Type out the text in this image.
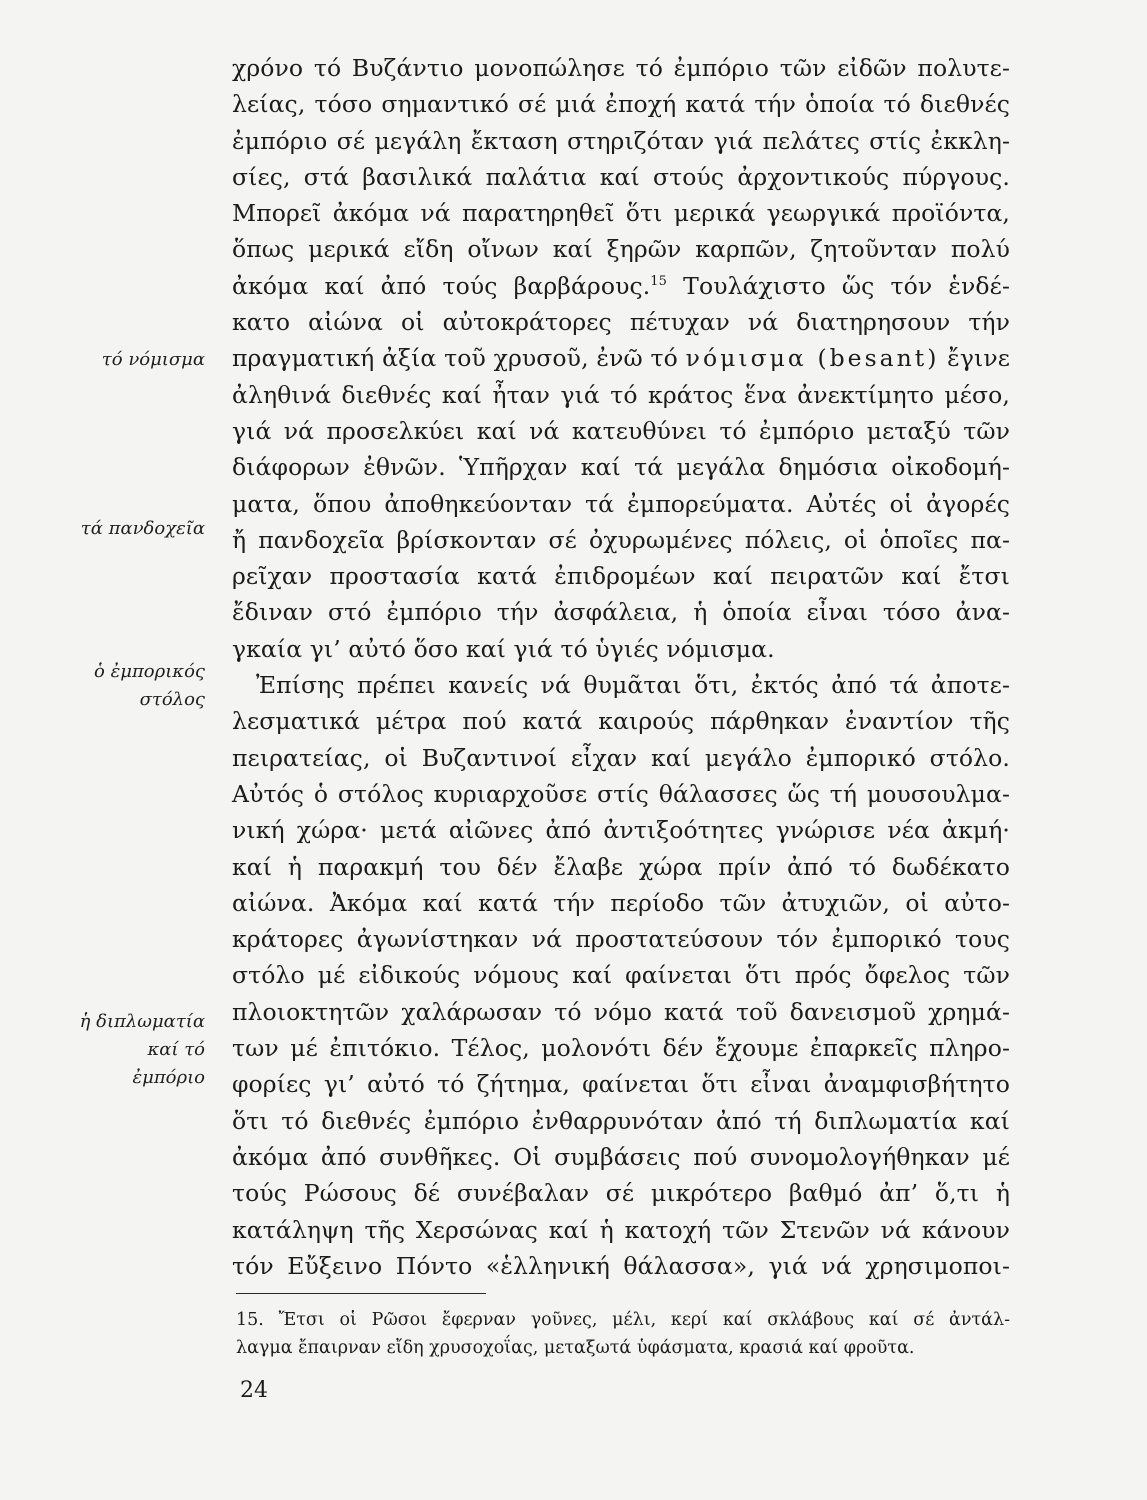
χρόνο τό Βυζάντιο μονοπώλησε τό ἐμπόριο τῶν εἰδῶν πολυτε-
λείας, τόσο σημαντικό σέ μιά ἐποχή κατά τήν ὁποία τό διεθνές
ἐμπόριο σέ μεγάλη ἔκταση στηριζόταν γιά πελάτες στίς ἐκκλη-
σίες, στά βασιλικά παλάτια καί στούς ἀρχοντικούς πύργους.
Μπορεῖ ἀκόμα νά παρατηρηθεῖ ὅτι μερικά γεωργικά προϊόντα,
ὅπως μερικά εἴδη οἴνων καί ξηρῶν καρπῶν, ζητοῦνταν πολύ
ἀκόμα καί ἀπό τούς βαρβάρους.$^{15}$ Τουλάχιστο ὥς τόν ἑνδέ-
κατο αἰώνα οἱ αὐτοκράτορες πέτυχαν νά διατηρησουν τήν
πραγματική ἀξία τοῦ χρυσοῦ, ἐνῶ τό νόμισμα (besant) ἔγινε
ἀληθινά διεθνές καί ἦταν γιά τό κράτος ἕνα ἀνεκτίμητο μέσο,
γιά νά προσελκύει καί νά κατευθύνει τό ἐμπόριο μεταξύ τῶν
διάφορων ἐθνῶν. Ὑπῆρχαν καί τά μεγάλα δημόσια οἰκοδομή-
ματα, ὅπου ἀποθηκεύονταν τά ἐμπορεύματα. Αὐτές οἱ ἀγορές
ἤ πανδοχεῖα βρίσκονταν σέ ὀχυρωμένες πόλεις, οἱ ὁποῖες πα-
ρεῖχαν προστασία κατά ἐπιδρομέων καί πειρατῶν καί ἔτσι
ἔδιναν στό ἐμπόριο τήν ἀσφάλεια, ἡ ὁποία εἶναι τόσο ἀνα-
γκαία γι’ αὐτό ὅσο καί γιά τό ὑγιές νόμισμα.
Ἐπίσης πρέπει κανείς νά θυμᾶται ὅτι, ἐκτός ἀπό τά ἀποτε-
λεσματικά μέτρα πού κατά καιρούς πάρθηκαν ἐναντίον τῆς
πειρατείας, οἱ Βυζαντινοί εἶχαν καί μεγάλο ἐμπορικό στόλο.
Αὐτός ὁ στόλος κυριαρχοῦσε στίς θάλασσες ὥς τή μουσουλμα-
νική χώρα· μετά αἰῶνες ἀπό ἀντιξοότητες γνώρισε νέα ἀκμή·
καί ἡ παρακμή του δέν ἔλαβε χώρα πρίν ἀπό τό δωδέκατο
αἰώνα. Ἀκόμα καί κατά τήν περίοδο τῶν ἀτυχιῶν, οἱ αὐτο-
κράτορες ἀγωνίστηκαν νά προστατεύσουν τόν ἐμπορικό τους
στόλο μέ εἰδικούς νόμους καί φαίνεται ὅτι πρός ὄφελος τῶν
πλοιοκτητῶν χαλάρωσαν τό νόμο κατά τοῦ δανεισμοῦ χρημά-
των μέ ἐπιτόκιο. Τέλος, μολονότι δέν ἔχουμε ἐπαρκεῖς πληρο-
φορίες γι’ αὐτό τό ζήτημα, φαίνεται ὅτι εἶναι ἀναμφισβήτητο
ὅτι τό διεθνές ἐμπόριο ἐνθαρρυνόταν ἀπό τή διπλωματία καί
ἀκόμα ἀπό συνθῆκες. Οἱ συμβάσεις πού συνομολογήθηκαν μέ
τούς Ρώσους δέ συνέβαλαν σέ μικρότερο βαθμό ἀπ’ ὅ,τι ἡ
κατάληψη τῆς Χερσώνας καί ἡ κατοχή τῶν Στενῶν νά κάνουν
τόν Εὔξεινο Πόντο «ἑλληνική θάλασσα», γιά νά χρησιμοποι-
τό νόμισμα
τά πανδοχεῖα
ὁ ἐμπορικός
στόλος
ἡ διπλωματία
καί τό
ἐμπόριο
15. Ἔτσι οἱ Ρῶσοι ἔφερναν γοῦνες, μέλι, κερί καί σκλάβους καί σέ ἀντάλ-
λαγμα ἔπαιρναν εἴδη χρυσοχοΐας, μεταξωτά ὑφάσματα, κρασιά καί φροῦτα.
24
